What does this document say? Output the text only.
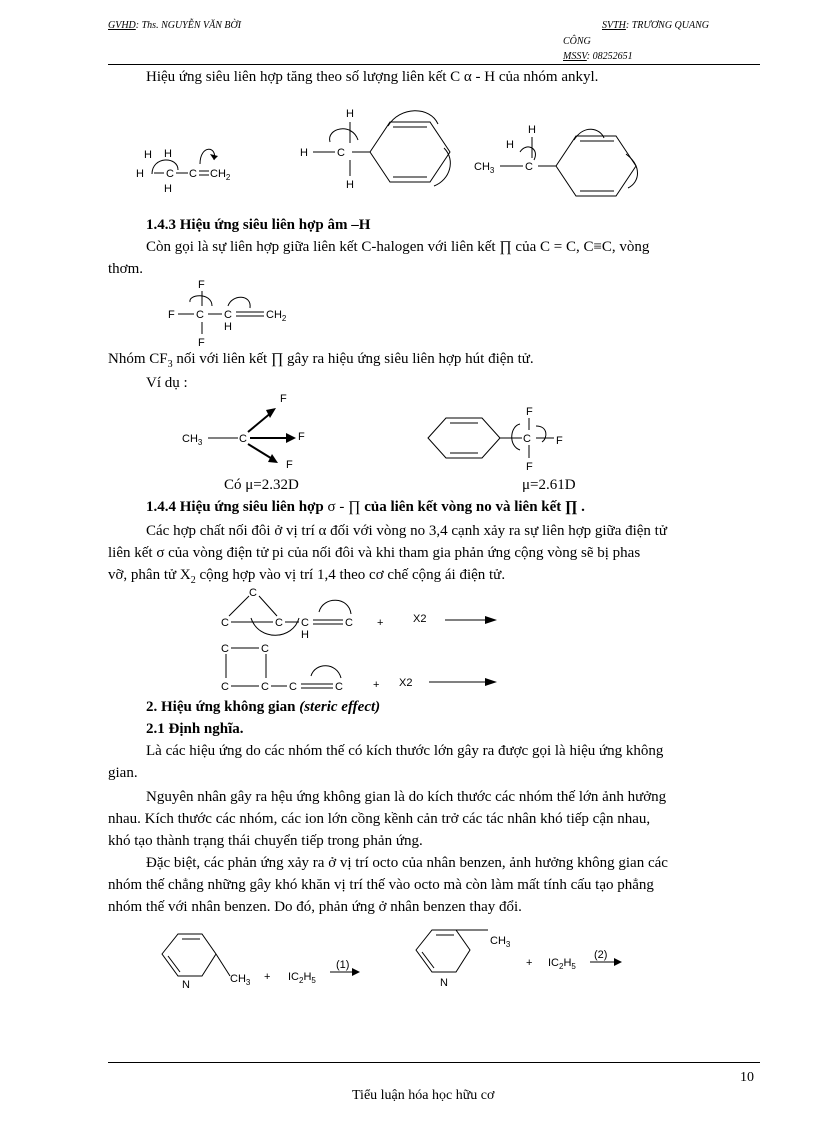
GVHD: Ths. NGUYỄN VĂN BỜI	SVTH: TRƯƠNG QUANG
CÔNG
MSSV: 08252651
Hiệu ứng siêu liên hợp tăng theo số lượng liên kết C α - H của nhóm ankyl.
H H
H
C C $CH_2$
H
H
H
H
C
H
H
$CH_3$	C
1.4.3 Hiệu ứng siêu liên hợp âm –H
Còn gọi là sự liên hợp giữa liên kết C-halogen với liên kết ∏ của C = C, C≡C, vòng
thơm.
F
F
F
C C
H
$CH_2$
Nhóm $CF_3$ nối với liên kết ∏ gây ra hiệu ứng siêu liên hợp hút điện tử.
Ví dụ :
$CH_3$	C
F
F
F
C
F
F
F
Có μ=2.32D	μ=2.61D
1.4.4 Hiệu ứng siêu liên hợp σ - ∏ của liên kết vòng no và liên kết ∏ .
Các hợp chất nối đôi ở vị trí α đối với vòng no 3,4 cạnh xảy ra sự liên hợp giữa điện tử
liên kết σ của vòng điện tử pi của nối đôi và khi tham gia phản ứng cộng vòng sẽ bị phas
vỡ, phân tử $X_2$ cộng hợp vào vị trí 1,4 theo cơ chế cộng ái điện tử.
C
C	C C
H
C +	X2
C	C
C	C C	C	+ X2
2. Hiệu ứng không gian (steric effect)
2.1 Định nghĩa.
Là các hiệu ứng do các nhóm thế có kích thước lớn gây ra được gọi là hiệu ứng không
gian.
Nguyên nhân gây ra hệu ứng không gian là do kích thước các nhóm thế lớn ảnh hưởng
nhau. Kích thước các nhóm, các ion lớn cồng kềnh cản trở các tác nhân khó tiếp cận nhau,
khó tạo thành trạng thái chuyển tiếp trong phản ứng.
Đặc biệt, các phản ứng xảy ra ở vị trí octo của nhân benzen, ảnh hưởng không gian các
nhóm thế chẳng những gây khó khăn vị trí thế vào octo mà còn làm mất tính cấu tạo phẳng
nhóm thế với nhân benzen. Do đó, phản ứng ở nhân benzen thay đổi.
N	$CH_3 + IC_2H_5$
(1)
N
$CH_3$
+ $IC_2H_5$
(2)
10
Tiểu luận hóa học hữu cơ
